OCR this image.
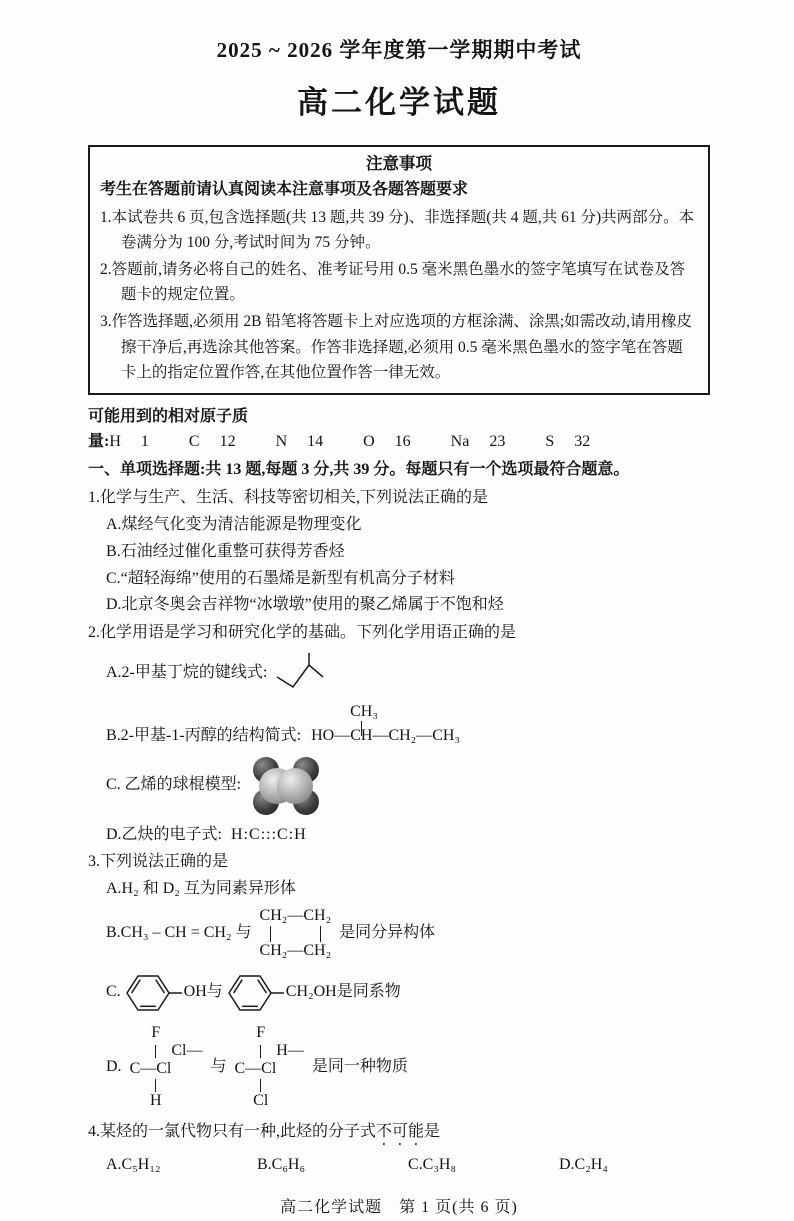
2025 ~ 2026 学年度第一学期期中考试
高二化学试题
注意事项
考生在答题前请认真阅读本注意事项及各题答题要求
1.本试卷共 6 页,包含选择题(共 13 题,共 39 分)、非选择题(共 4 题,共 61 分)共两部分。本卷满分为 100 分,考试时间为 75 分钟。
2.答题前,请务必将自己的姓名、准考证号用 0.5 毫米黑色墨水的签字笔填写在试卷及答题卡的规定位置。
3.作答选择题,必须用 2B 铅笔将答题卡上对应选项的方框涂满、涂黑;如需改动,请用橡皮擦干净后,再选涂其他答案。作答非选择题,必须用 0.5 毫米黑色墨水的签字笔在答题卡上的指定位置作答,在其他位置作答一律无效。
可能用到的相对原子质量:H  1    C  12    N  14    O  16    Na  23    S  32
一、单项选择题:共 13 题,每题 3 分,共 39 分。每题只有一个选项最符合题意。
1.化学与生产、生活、科技等密切相关,下列说法正确的是
A.煤经气化变为清洁能源是物理变化
B.石油经过催化重整可获得芳香烃
C.“超轻海绵”使用的石墨烯是新型有机高分子材料
D.北京冬奥会吉祥物“冰墩墩”使用的聚乙烯属于不饱和烃
2.化学用语是学习和研究化学的基础。下列化学用语正确的是
A.2-甲基丁烷的键线式:
B.2-甲基-1-丙醇的结构简式:
CH₃
HO—CH—CH₂—CH₃
C. 乙烯的球棍模型:
D.乙炔的电子式: H:C:::C:H
3.下列说法正确的是
A.H₂ 和 D₂ 互为同素异形体
B.CH₃ – CH = CH₂ 与
CH₂—CH₂
CH₂—CH₂
是同分异构体
C.	OH 与	CH₂OH 是同系物
D.
F
Cl—
C —Cl
H
与
F
H—
C —Cl
Cl
是同一种物质
4.某烃的一氯代物只有一种,此烃的分子式不可能是
A.C₅H₁₂	B.C₆H₆	C.C₃H₈	D.C₂H₄
高二化学试题　第 1 页(共 6 页)
